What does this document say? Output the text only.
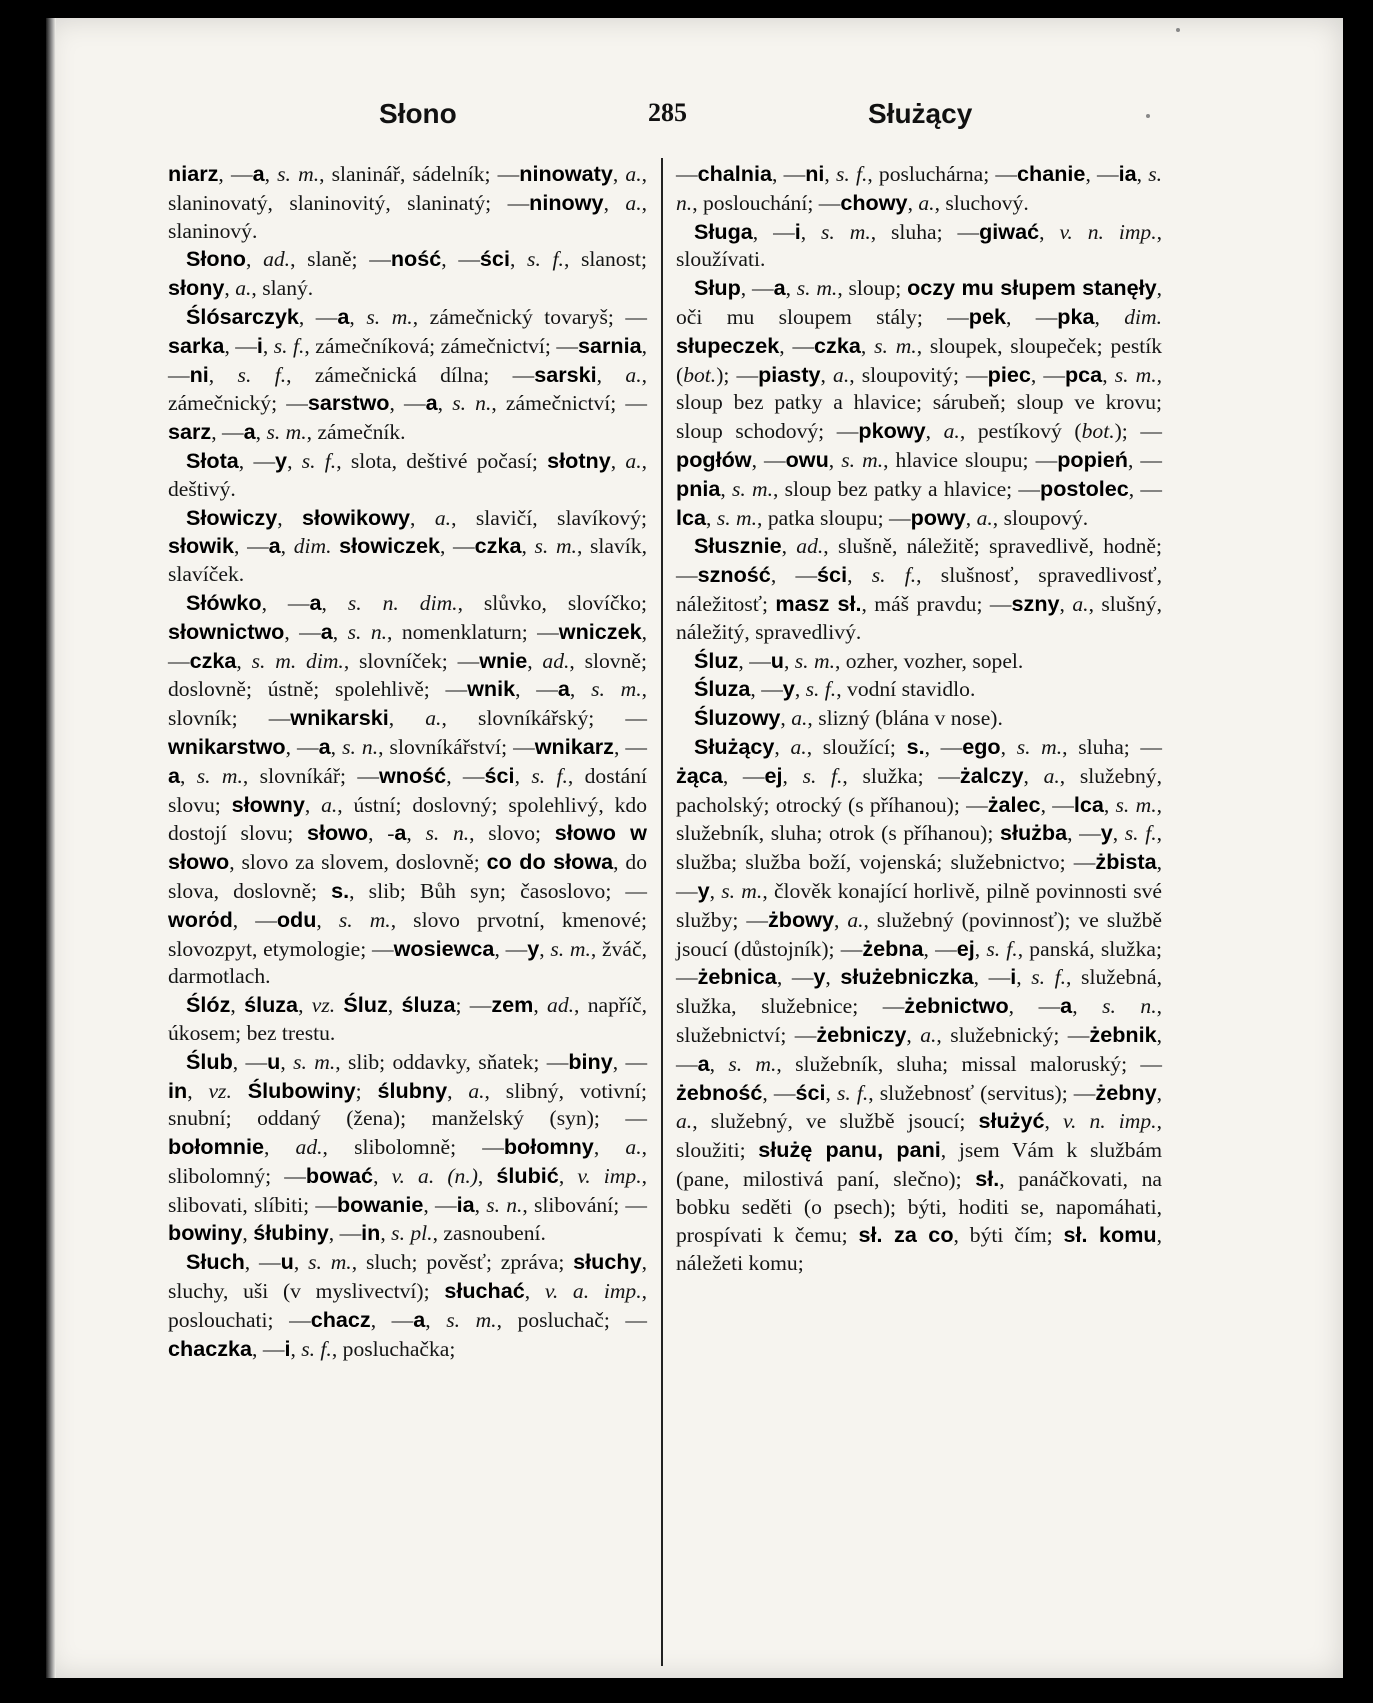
Słono	285	Służący

niarz, —a, s. m., slaninář, sádelník; —ninowaty, a., slaninovatý, slaninovitý, slaninatý; —ninowy, a., slaninový.

Słono, ad., slaně; —ność, —ści, s. f., slanost; słony, a., slaný.

Ślósarczyk, —a, s. m., zámečnický tovaryš; —sarka, —i, s. f., zámečníková; zámečnictví; —sarnia, —ni, s. f., zámečnická dílna; —sarski, a., zámečnický; —sarstwo, —a, s. n., zámečnictví; —sarz, —a, s. m., zámečník.

Słota, —y, s. f., slota, deštivé počasí; słotny, a., deštivý.

Słowiczy, słowikowy, a., slavičí, slavíkový; słowik, —a, dim. słowiczek, —czka, s. m., slavík, slavíček.

Słówko, —a, s. n. dim., slůvko, slovíčko; słownictwo, —a, s. n., nomenklaturn; —wniczek, —czka, s. m. dim., slovníček; —wnie, ad., slovně; doslovně; ústně; spolehlivě; —wnik, —a, s. m., slovník; —wnikarski, a., slovníkářský; —wnikarstwo, —a, s. n., slovníkářství; —wnikarz, —a, s. m., slovníkář; —wność, —ści, s. f., dostání slovu; słowny, a., ústní; doslovný; spolehlivý, kdo dostojí slovu; słowo, -a, s. n., slovo; słowo w słowo, slovo za slovem, doslovně; co do słowa, do slova, doslovně; s., slib; Bůh syn; časoslovo; —worόd, —odu, s. m., slovo prvotní, kmenové; slovozpyt, etymologie; —wosiewca, —y, s. m., žváč, darmotlach.

Ślóz, śluza, vz. Śluz, śluza; —zem, ad., napříč, úkosem; bez trestu.

Ślub, —u, s. m., slib; oddavky, sňatek; —biny, —in, vz. Ślubowiny; ślubny, a., slibný, votivní; snubní; oddaný (žena); manželský (syn); —bołomnie, ad., slibolomně; —bołomny, a., slibolomný; —bować, v. a. (n.), ślubić, v. imp., slibovati, slíbiti; —bowanie, —ia, s. n., slibování; —bowiny, śłubiny, —in, s. pl., zasnoubení.

Słuch, —u, s. m., sluch; pověsť; zpráva; słuchy, sluchy, uši (v myslivectví); słuchać, v. a. imp., poslouchati; —chacz, —a, s. m., posluchač; —chaczka, —i, s. f., posluchačka;

—chalnia, —ni, s. f., posluchárna; —chanie, —ia, s. n., poslouchání; —chowy, a., sluchový.

Sługa, —i, s. m., sluha; —giwać, v. n. imp., sloužívati.

Słup, —a, s. m., sloup; oczy mu słupem stanęły, oči mu sloupem stály; —pek, —pka, dim. słupeczek, —czka, s. m., sloupek, sloupeček; pestík (bot.); —piasty, a., sloupovitý; —piec, —pca, s. m., sloup bez patky a hlavice; sárubeň; sloup ve krovu; sloup schodový; —pkowy, a., pestíkový (bot.); —pogłów, —owu, s. m., hlavice sloupu; —popień, —pnia, s. m., sloup bez patky a hlavice; —postolec, —lca, s. m., patka sloupu; —powy, a., sloupový.

Słusznie, ad., slušně, náležitě; spravedlivě, hodně; —szność, —ści, s. f., slušnosť, spravedlivosť, náležitosť; masz sł., máš pravdu; —szny, a., slušný, náležitý, spravedlivý.

Śluz, —u, s. m., ozher, vozher, sopel.

Śluza, —y, s. f., vodní stavidlo.

Śluzowy, a., slizný (blána v nose).

Służący, a., sloužící; s., —ego, s. m., sluha; —żąca, —ej, s. f., služka; —żalczy, a., služebný, pacholský; otrocký (s příhanou); —żalec, —lca, s. m., služebník, sluha; otrok (s příhanou); służba, —y, s. f., služba; služba boží, vojenská; služebnictvo; —żbista, —y, s. m., člověk konající horlivě, pilně povinnosti své služby; —żbowy, a., služebný (povinnosť); ve službě jsoucí (důstojník); —żebna, —ej, s. f., panská, služka; —żebnica, —y, służebniczka, —i, s. f., služebná, služka, služebnice; —żebnictwo, —a, s. n., služebnictví; —żebniczy, a., služebnický; —żebnik, —a, s. m., služebník, sluha; missal maloruský; —żebność, —ści, s. f., služebnosť (servitus); —żebny, a., služebný, ve službě jsoucí; służyć, v. n. imp., sloužiti; służę panu, pani, jsem Vám k službám (pane, milostivá paní, slečno); sł., panáčkovati, na bobku seděti (o psech); býti, hoditi se, napomáhati, prospívati k čemu; sł. za co, býti čím; sł. komu, náležeti komu;
